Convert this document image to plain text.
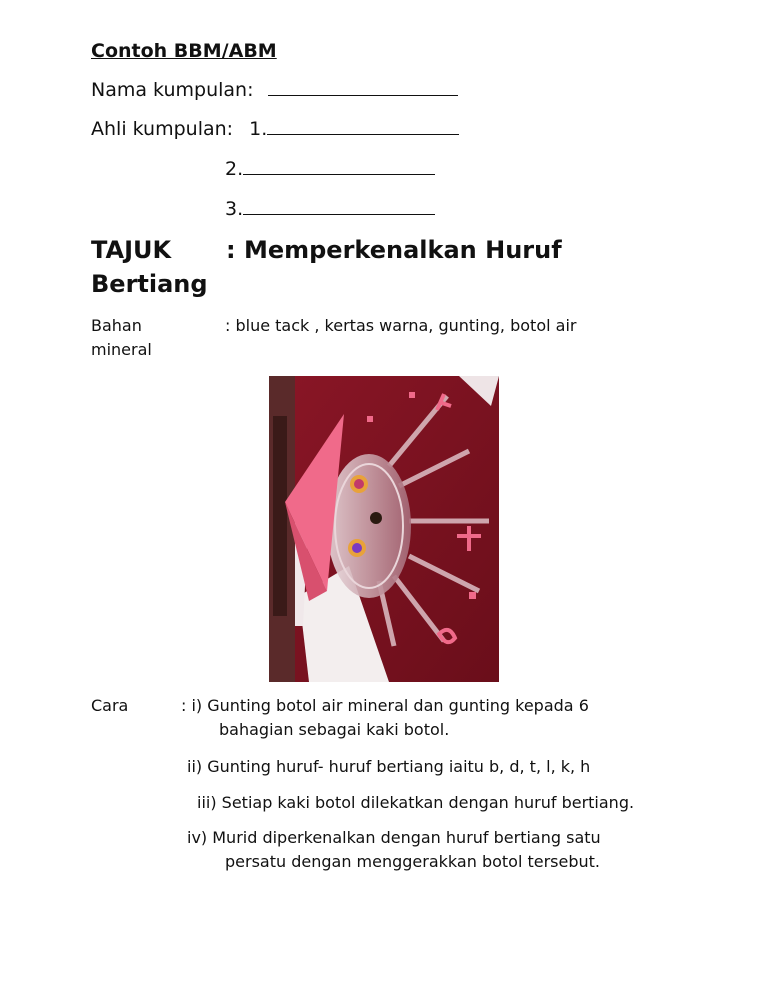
Contoh BBM/ABM
Nama kumpulan:
Ahli kumpulan: 1.
2.
3.
TAJUK : Memperkenalkan Huruf
Bertiang
Bahan	: blue tack , kertas warna, gunting, botol air
mineral
Cara	: i) Gunting botol air mineral dan gunting kepada 6
bahagian sebagai kaki botol.
ii) Gunting huruf- huruf bertiang iaitu b, d, t, l, k, h
iii) Setiap kaki botol dilekatkan dengan huruf bertiang.
iv) Murid diperkenalkan dengan huruf bertiang satu
persatu dengan menggerakkan botol tersebut.
